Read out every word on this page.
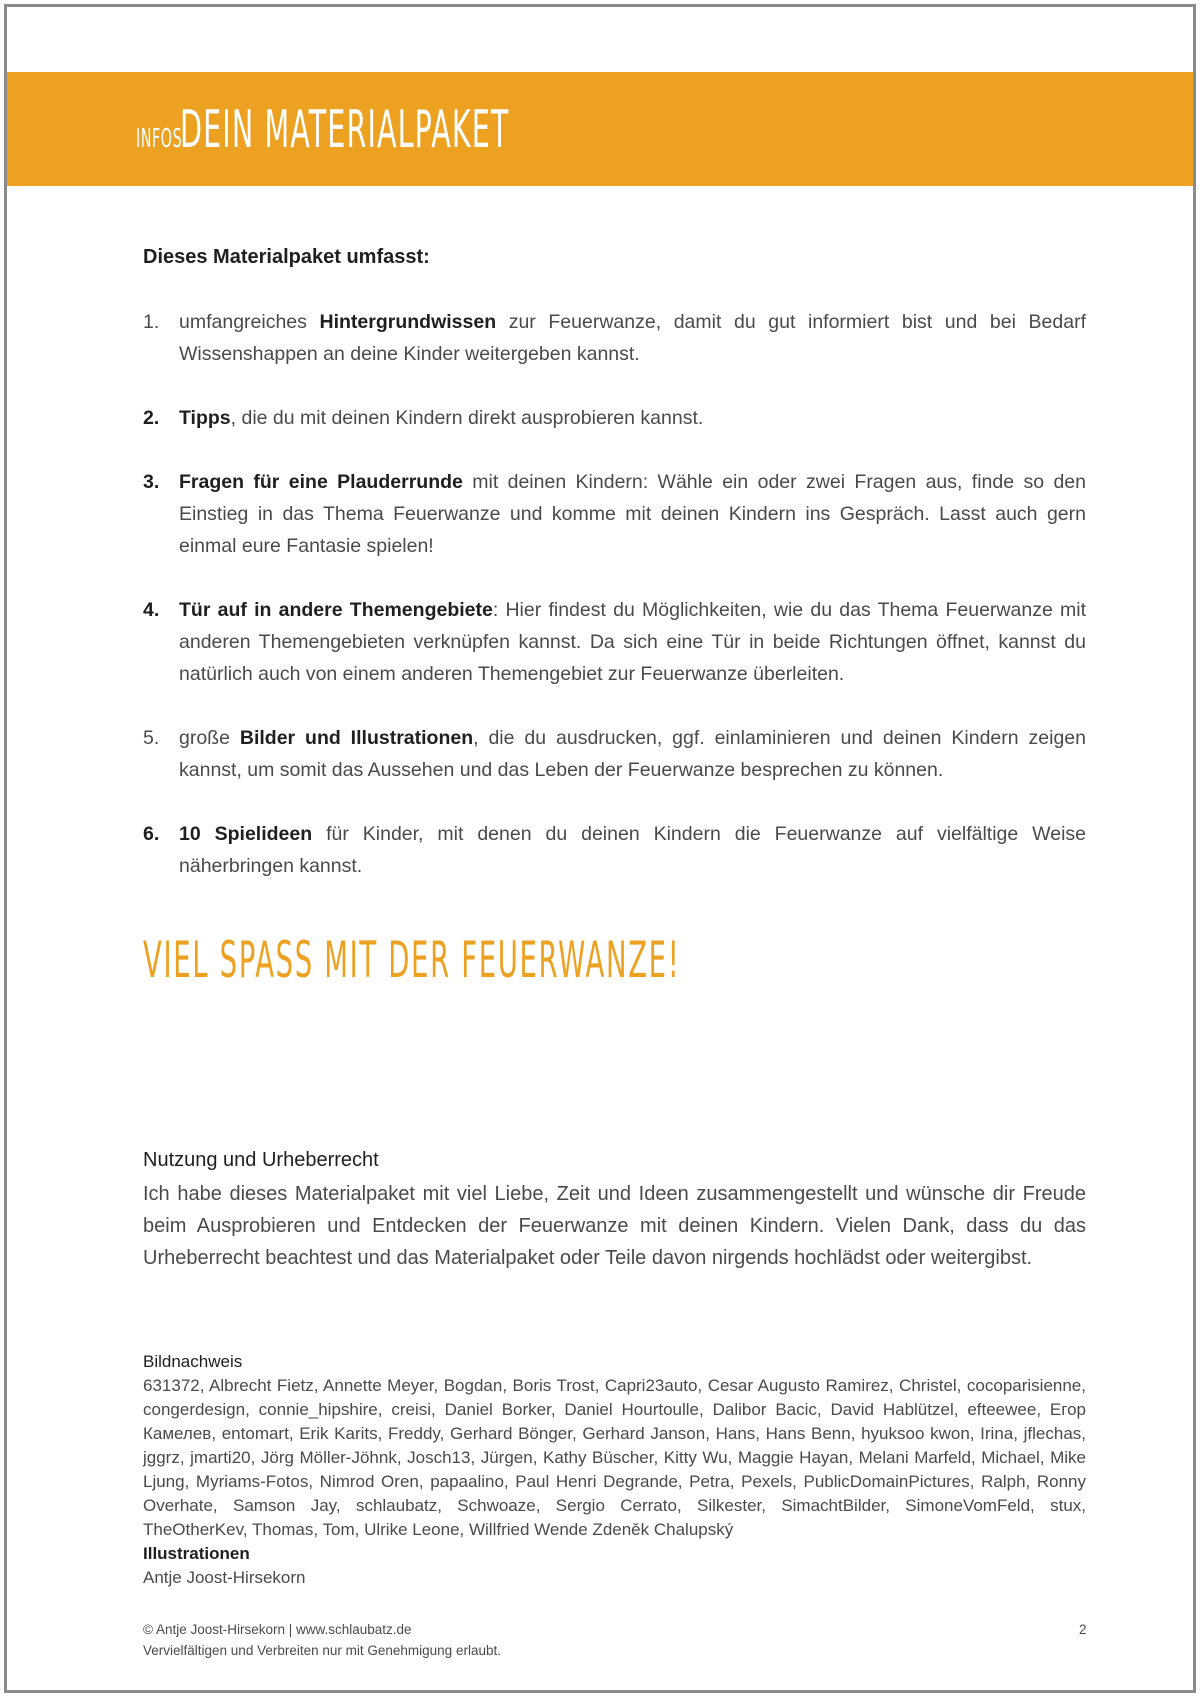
INFOS:DEIN MATERIALPAKET
Dieses Materialpaket umfasst:
1. umfangreiches Hintergrundwissen zur Feuerwanze, damit du gut informiert bist und bei Bedarf Wissenshappen an deine Kinder weitergeben kannst.
2. Tipps, die du mit deinen Kindern direkt ausprobieren kannst.
3. Fragen für eine Plauderrunde mit deinen Kindern: Wähle ein oder zwei Fragen aus, finde so den Einstieg in das Thema Feuerwanze und komme mit deinen Kindern ins Gespräch. Lasst auch gern einmal eure Fantasie spielen!
4. Tür auf in andere Themengebiete: Hier findest du Möglichkeiten, wie du das Thema Feuerwanze mit anderen Themengebieten verknüpfen kannst. Da sich eine Tür in beide Richtungen öffnet, kannst du natürlich auch von einem anderen Themengebiet zur Feuerwanze überleiten.
5. große Bilder und Illustrationen, die du ausdrucken, ggf. einlaminieren und deinen Kindern zeigen kannst, um somit das Aussehen und das Leben der Feuerwanze besprechen zu können.
6. 10 Spielideen für Kinder, mit denen du deinen Kindern die Feuerwanze auf vielfältige Weise näherbringen kannst.
VIEL SPASS MIT DER FEUERWANZE!
Nutzung und Urheberrecht
Ich habe dieses Materialpaket mit viel Liebe, Zeit und Ideen zusammengestellt und wünsche dir Freude beim Ausprobieren und Entdecken der Feuerwanze mit deinen Kindern. Vielen Dank, dass du das Urheberrecht beachtest und das Materialpaket oder Teile davon nirgends hochlädst oder weitergibst.
Bildnachweis
631372, Albrecht Fietz, Annette Meyer, Bogdan, Boris Trost, Capri23auto, Cesar Augusto Ramirez, Christel, cocoparisienne, congerdesign, connie_hipshire, creisi, Daniel Borker, Daniel Hourtoulle, Dalibor Bacic, David Hablützel, efteewee, Егор Камелев, entomart, Erik Karits, Freddy, Gerhard Bönger, Gerhard Janson, Hans, Hans Benn, hyuksoo kwon, Irina, jflechas, jggrz, jmarti20, Jörg Möller-Jöhnk, Josch13, Jürgen, Kathy Büscher, Kitty Wu, Maggie Hayan, Melani Marfeld, Michael, Mike Ljung, Myriams-Fotos, Nimrod Oren, papaalino, Paul Henri Degrande, Petra, Pexels, PublicDomainPictures, Ralph, Ronny Overhate, Samson Jay, schlaubatz, Schwoaze, Sergio Cerrato, Silkester, SimachtBilder, SimoneVomFeld, stux, TheOtherKev, Thomas, Tom, Ulrike Leone, Willfried Wende Zdeněk Chalupský
Illustrationen
Antje Joost-Hirsekorn
© Antje Joost-Hirsekorn | www.schlaubatz.de
Vervielfältigen und Verbreiten nur mit Genehmigung erlaubt.
2
